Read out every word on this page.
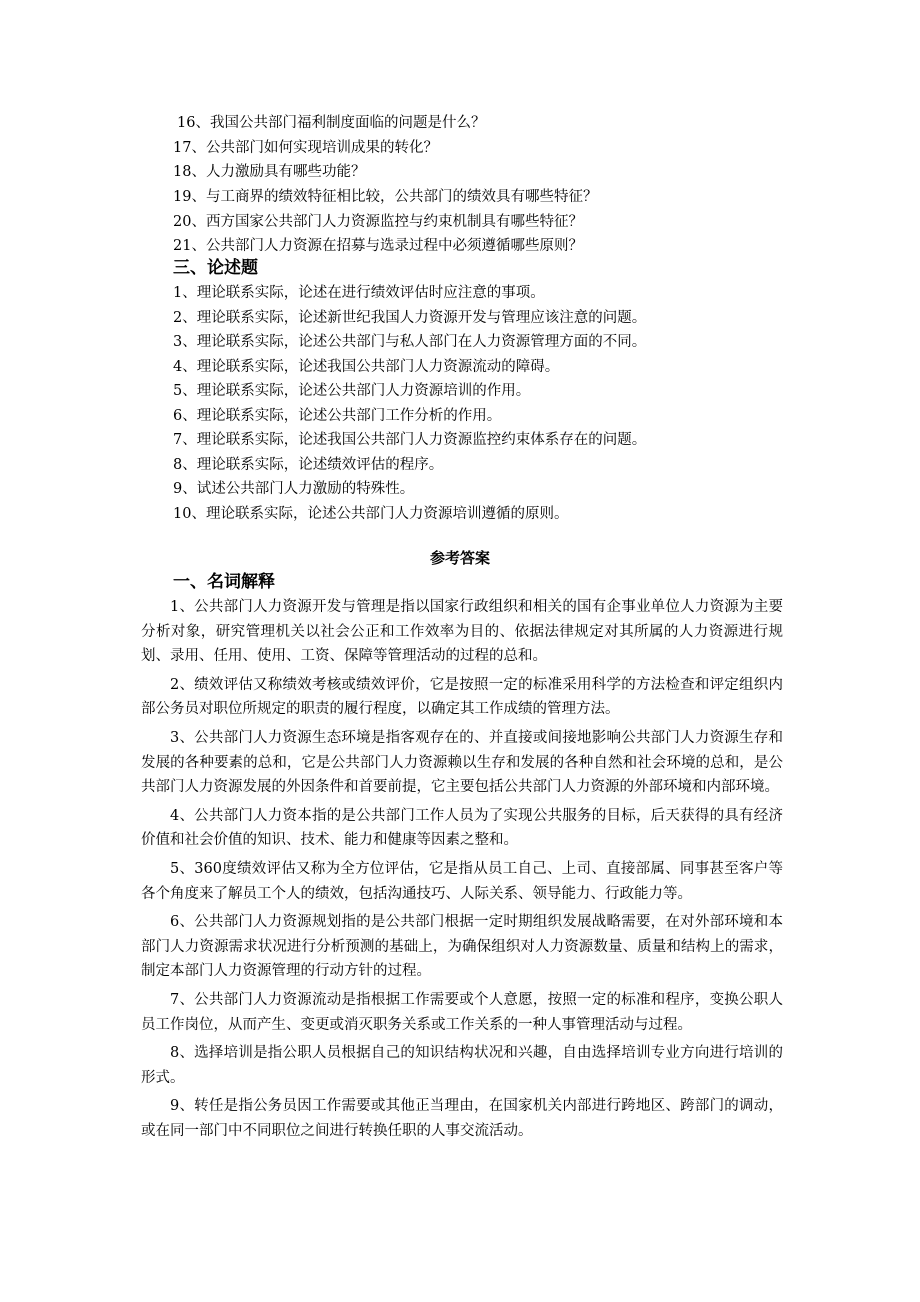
16、我国公共部门福利制度面临的问题是什么？
17、公共部门如何实现培训成果的转化？
18、人力激励具有哪些功能？
19、与工商界的绩效特征相比较，公共部门的绩效具有哪些特征？
20、西方国家公共部门人力资源监控与约束机制具有哪些特征？
21、公共部门人力资源在招募与选录过程中必须遵循哪些原则？
三、论述题
1、理论联系实际，论述在进行绩效评估时应注意的事项。
2、理论联系实际，论述新世纪我国人力资源开发与管理应该注意的问题。
3、理论联系实际，论述公共部门与私人部门在人力资源管理方面的不同。
4、理论联系实际，论述我国公共部门人力资源流动的障碍。
5、理论联系实际，论述公共部门人力资源培训的作用。
6、理论联系实际，论述公共部门工作分析的作用。
7、理论联系实际，论述我国公共部门人力资源监控约束体系存在的问题。
8、理论联系实际，论述绩效评估的程序。
9、试述公共部门人力激励的特殊性。
10、理论联系实际，论述公共部门人力资源培训遵循的原则。
参考答案
一、名词解释

1、公共部门人力资源开发与管理是指以国家行政组织和相关的国有企事业单位人力资源为主要分析对象，研究管理机关以社会公正和工作效率为目的、依据法律规定对其所属的人力资源进行规划、录用、任用、使用、工资、保障等管理活动的过程的总和。

2、绩效评估又称绩效考核或绩效评价，它是按照一定的标准采用科学的方法检查和评定组织内部公务员对职位所规定的职责的履行程度，以确定其工作成绩的管理方法。

3、公共部门人力资源生态环境是指客观存在的、并直接或间接地影响公共部门人力资源生存和发展的各种要素的总和，它是公共部门人力资源赖以生存和发展的各种自然和社会环境的总和，是公共部门人力资源发展的外因条件和首要前提，它主要包括公共部门人力资源的外部环境和内部环境。

4、公共部门人力资本指的是公共部门工作人员为了实现公共服务的目标，后天获得的具有经济价值和社会价值的知识、技术、能力和健康等因素之整和。

5、360度绩效评估又称为全方位评估，它是指从员工自己、上司、直接部属、同事甚至客户等各个角度来了解员工个人的绩效，包括沟通技巧、人际关系、领导能力、行政能力等。

6、公共部门人力资源规划指的是公共部门根据一定时期组织发展战略需要，在对外部环境和本部门人力资源需求状况进行分析预测的基础上，为确保组织对人力资源数量、质量和结构上的需求，制定本部门人力资源管理的行动方针的过程。

7、公共部门人力资源流动是指根据工作需要或个人意愿，按照一定的标准和程序，变换公职人员工作岗位，从而产生、变更或消灭职务关系或工作关系的一种人事管理活动与过程。

8、选择培训是指公职人员根据自己的知识结构状况和兴趣，自由选择培训专业方向进行培训的形式。

9、转任是指公务员因工作需要或其他正当理由，在国家机关内部进行跨地区、跨部门的调动，或在同一部门中不同职位之间进行转换任职的人事交流活动。
